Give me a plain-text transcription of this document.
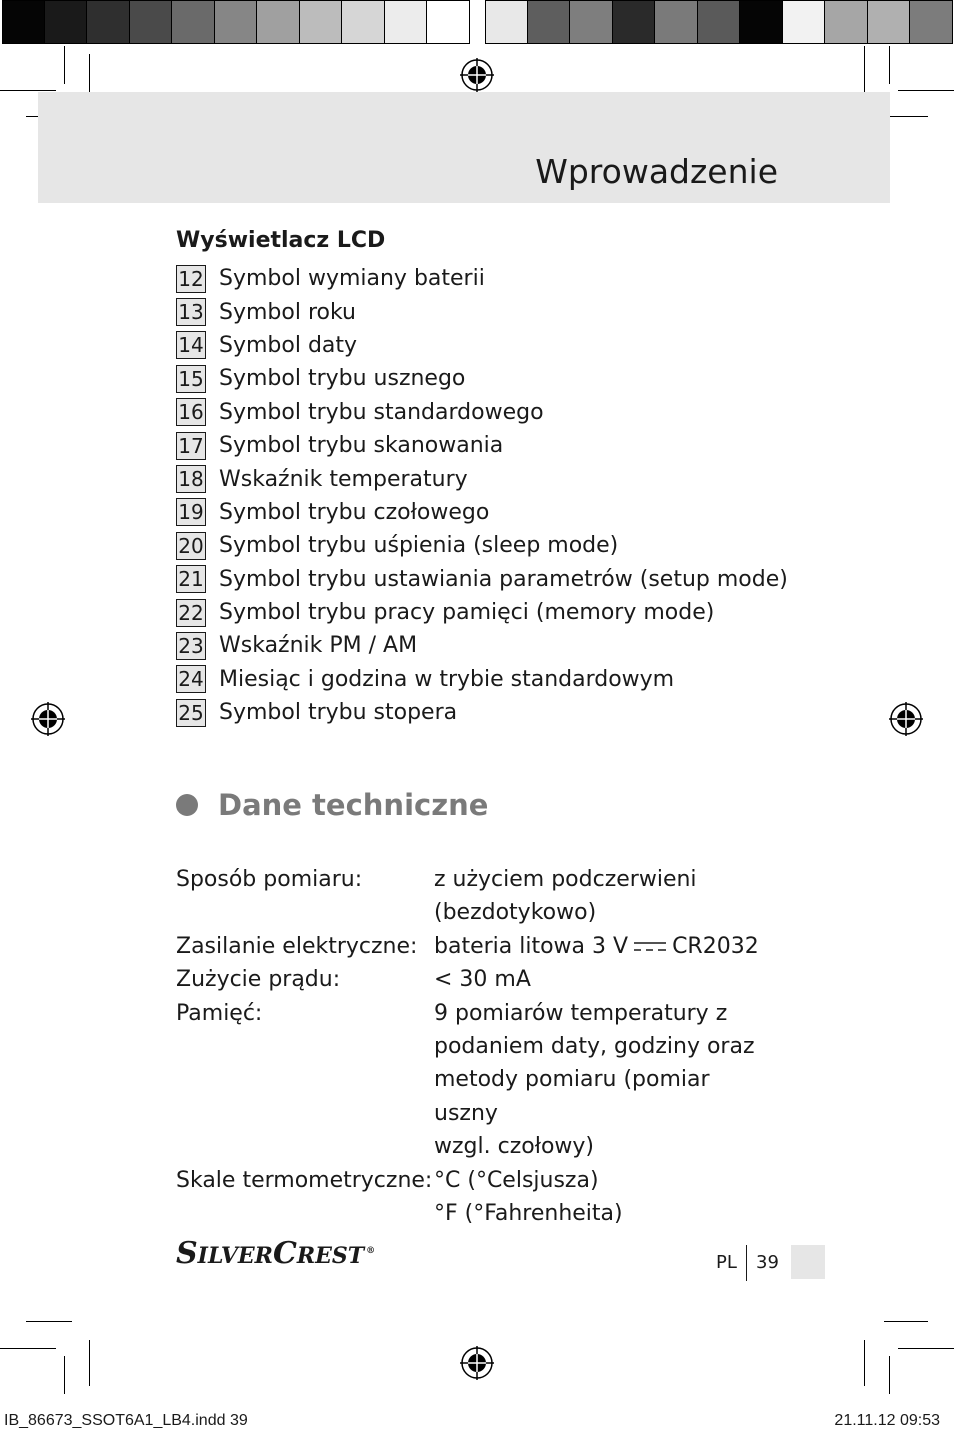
Wprowadzenie
Wyświetlacz LCD
12 Symbol wymiany baterii
13 Symbol roku
14 Symbol daty
15 Symbol trybu usznego
16 Symbol trybu standardowego
17 Symbol trybu skanowania
18 Wskaźnik temperatury
19 Symbol trybu czołowego
20 Symbol trybu uśpienia (sleep mode)
21 Symbol trybu ustawiania parametrów (setup mode)
22 Symbol trybu pracy pamięci (memory mode)
23 Wskaźnik PM / AM
24 Miesiąc i godzina w trybie standardowym
25 Symbol trybu stopera
Dane techniczne
Sposób pomiaru:	z użyciem podczerwieni
(bezdotykowo)
Zasilanie elektryczne: bateria litowa 3 V CR2032
Zużycie prądu:	< 30 mA
Pamięć:	9 pomiarów temperatury z
podaniem daty, godziny oraz
metody pomiaru (pomiar uszny
wzgl. czołowy)
Skale termometryczne: °C (°Celsjusza)
°F (°Fahrenheita)
S ILVER C REST ®
PL 39
IB_86673_SSOT6A1_LB4.indd 39	21.11.12 09:53
